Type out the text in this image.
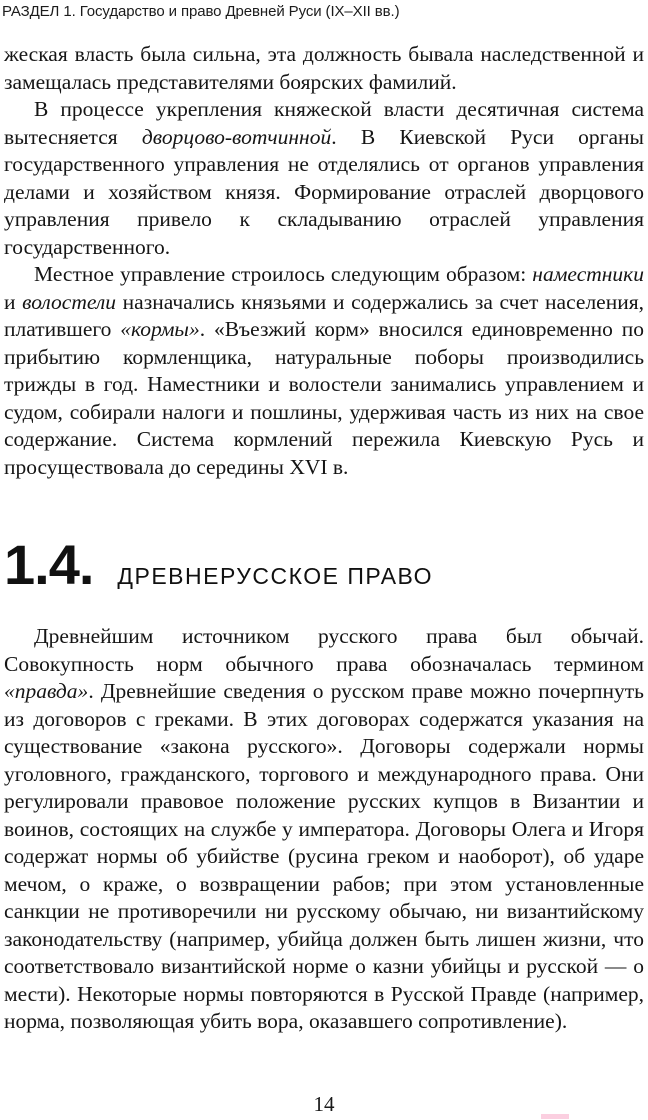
РАЗДЕЛ 1. Государство и право Древней Руси (IX–XII вв.)

жеская власть была сильна, эта должность бывала наследственной и замещалась представителями боярских фамилий.

В процессе укрепления княжеской власти десятичная система вытесняется дворцово-вотчинной. В Киевской Руси органы государственного управления не отделялись от органов управления делами и хозяйством князя. Формирование отраслей дворцового управления привело к складыванию отраслей управления государственного.

Местное управление строилось следующим образом: наместники и волостели назначались князьями и содержались за счет населения, платившего «кормы». «Въезжий корм» вносился единовременно по прибытию кормленщика, натуральные поборы производились трижды в год. Наместники и волостели занимались управлением и судом, собирали налоги и пошлины, удерживая часть из них на свое содержание. Система кормлений пережила Киевскую Русь и просуществовала до середины XVI в.

1.4. ДРЕВНЕРУССКОЕ ПРАВО

Древнейшим источником русского права был обычай. Совокупность норм обычного права обозначалась термином «правда». Древнейшие сведения о русском праве можно почерпнуть из договоров с греками. В этих договорах содержатся указания на существование «закона русского». Договоры содержали нормы уголовного, гражданского, торгового и международного права. Они регулировали правовое положение русских купцов в Византии и воинов, состоящих на службе у императора. Договоры Олега и Игоря содержат нормы об убийстве (русина греком и наоборот), об ударе мечом, о краже, о возвращении рабов; при этом установленные санкции не противоречили ни русскому обычаю, ни византийскому законодательству (например, убийца должен быть лишен жизни, что соответствовало византийской норме о казни убийцы и русской — о мести). Некоторые нормы повторяются в Русской Правде (например, норма, позволяющая убить вора, оказавшего сопротивление).

14
